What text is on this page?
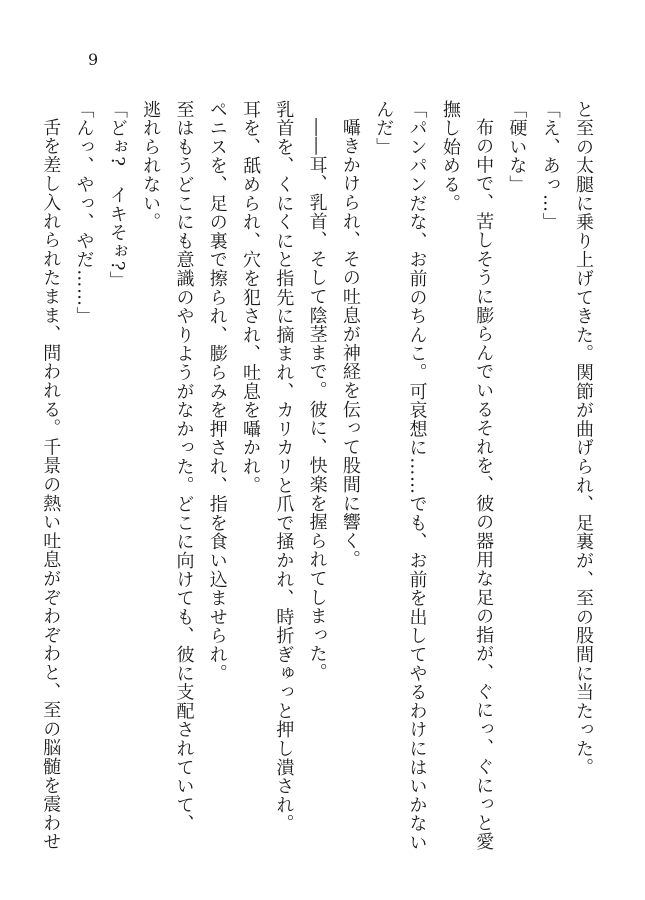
9

と至の太腿に乗り上げてきた。関節が曲げられ、足裏が、至の股間に当たった。

「え、あっ…」

「硬いな」

布の中で、苦しそうに膨らんでいるそれを、彼の器用な足の指が、ぐにっ、ぐにっと愛

撫し始める。

「パンパンだな、お前のちんこ。可哀想に……でも、お前を出してやるわけにはいかない

んだ」

囁きかけられ、その吐息が神経を伝って股間に響く。

――耳、乳首、そして陰茎まで。彼に、快楽を握られてしまった。

乳首を、くにくにと指先に摘まれ、カリカリと爪で掻かれ、時折ぎゅっと押し潰され。

耳を、舐められ、穴を犯され、吐息を囁かれ。

ペニスを、足の裏で擦られ、膨らみを押され、指を食い込ませられ。

至はもうどこにも意識のやりようがなかった。どこに向けても、彼に支配されていて、

逃れられない。

「どぉ?　イキそぉ?」

「んっ、やっ、やだ……」

舌を差し入れられたまま、問われる。千景の熱い吐息がぞわぞわと、至の脳髄を震わせ
